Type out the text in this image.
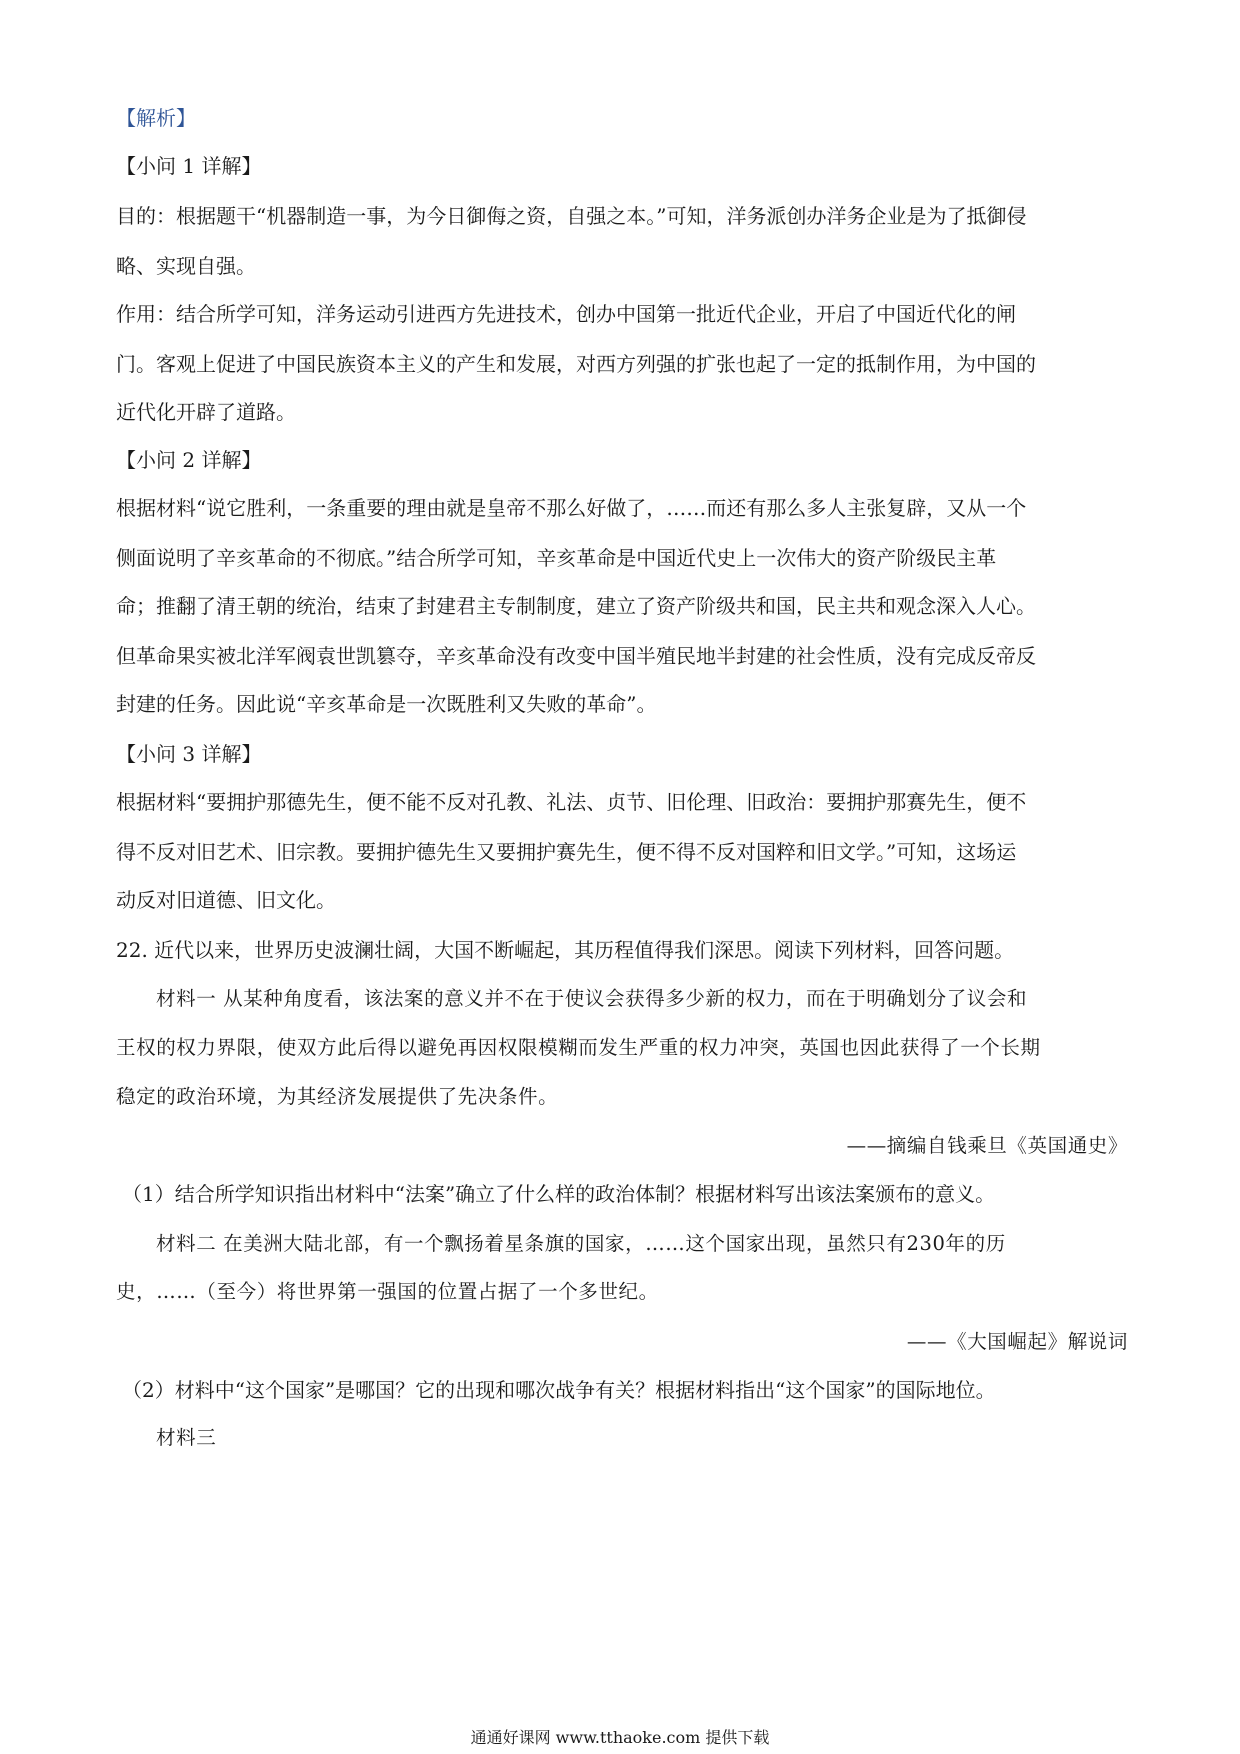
【解析】
【小问 1 详解】
目的：根据题干“机器制造一事，为今日御侮之资，自强之本。”可知，洋务派创办洋务企业是为了抵御侵
略、实现自强。
作用：结合所学可知，洋务运动引进西方先进技术，创办中国第一批近代企业，开启了中国近代化的闸
门。客观上促进了中国民族资本主义的产生和发展，对西方列强的扩张也起了一定的抵制作用，为中国的
近代化开辟了道路。
【小问 2 详解】
根据材料“说它胜利，一条重要的理由就是皇帝不那么好做了，……而还有那么多人主张复辟，又从一个
侧面说明了辛亥革命的不彻底。”结合所学可知，辛亥革命是中国近代史上一次伟大的资产阶级民主革
命；推翻了清王朝的统治，结束了封建君主专制制度，建立了资产阶级共和国，民主共和观念深入人心。
但革命果实被北洋军阀袁世凯篡夺，辛亥革命没有改变中国半殖民地半封建的社会性质，没有完成反帝反
封建的任务。因此说“辛亥革命是一次既胜利又失败的革命”。
【小问 3 详解】
根据材料“要拥护那德先生，便不能不反对孔教、礼法、贞节、旧伦理、旧政治：要拥护那赛先生，便不
得不反对旧艺术、旧宗教。要拥护德先生又要拥护赛先生，便不得不反对国粹和旧文学。”可知，这场运
动反对旧道德、旧文化。
22. 近代以来，世界历史波澜壮阔，大国不断崛起，其历程值得我们深思。阅读下列材料，回答问题。
材料一 从某种角度看，该法案的意义并不在于使议会获得多少新的权力，而在于明确划分了议会和
王权的权力界限，使双方此后得以避免再因权限模糊而发生严重的权力冲突，英国也因此获得了一个长期
稳定的政治环境，为其经济发展提供了先决条件。
——摘编自钱乘旦《英国通史》
（1）结合所学知识指出材料中“法案”确立了什么样的政治体制？根据材料写出该法案颁布的意义。
材料二 在美洲大陆北部，有一个飘扬着星条旗的国家，……这个国家出现，虽然只有230年的历
史，……（至今）将世界第一强国的位置占据了一个多世纪。
——《大国崛起》解说词
（2）材料中“这个国家”是哪国？它的出现和哪次战争有关？根据材料指出“这个国家”的国际地位。
材料三
通通好课网 www.tthaoke.com 提供下载
